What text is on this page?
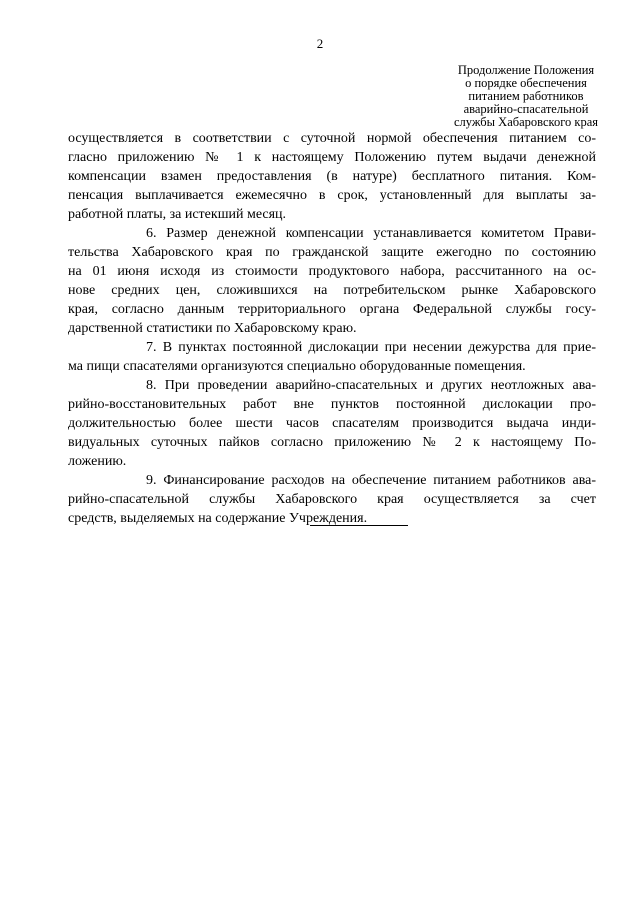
2
Продолжение Положения
о порядке обеспечения
питанием работников
аварийно-спасательной
службы Хабаровского края
осуществляется в соответствии с суточной нормой обеспечения питанием со-
гласно приложению № 1 к настоящему Положению путем выдачи денежной
компенсации взамен предоставления (в натуре) бесплатного питания. Ком-
пенсация выплачивается ежемесячно в срок, установленный для выплаты за-
работной платы, за истекший месяц.
6. Размер денежной компенсации устанавливается комитетом Прави-
тельства Хабаровского края по гражданской защите ежегодно по состоянию
на 01 июня исходя из стоимости продуктового набора, рассчитанного на ос-
нове средних цен, сложившихся на потребительском рынке Хабаровского
края, согласно данным территориального органа Федеральной службы госу-
дарственной статистики по Хабаровскому краю.
7. В пунктах постоянной дислокации при несении дежурства для прие-
ма пищи спасателями организуются специально оборудованные помещения.
8. При проведении аварийно-спасательных и других неотложных ава-
рийно-восстановительных работ вне пунктов постоянной дислокации про-
должительностью более шести часов спасателям производится выдача инди-
видуальных суточных пайков согласно приложению № 2 к настоящему По-
ложению.
9. Финансирование расходов на обеспечение питанием работников ава-
рийно-спасательной службы Хабаровского края осуществляется за счет
средств, выделяемых на содержание Учреждения.
